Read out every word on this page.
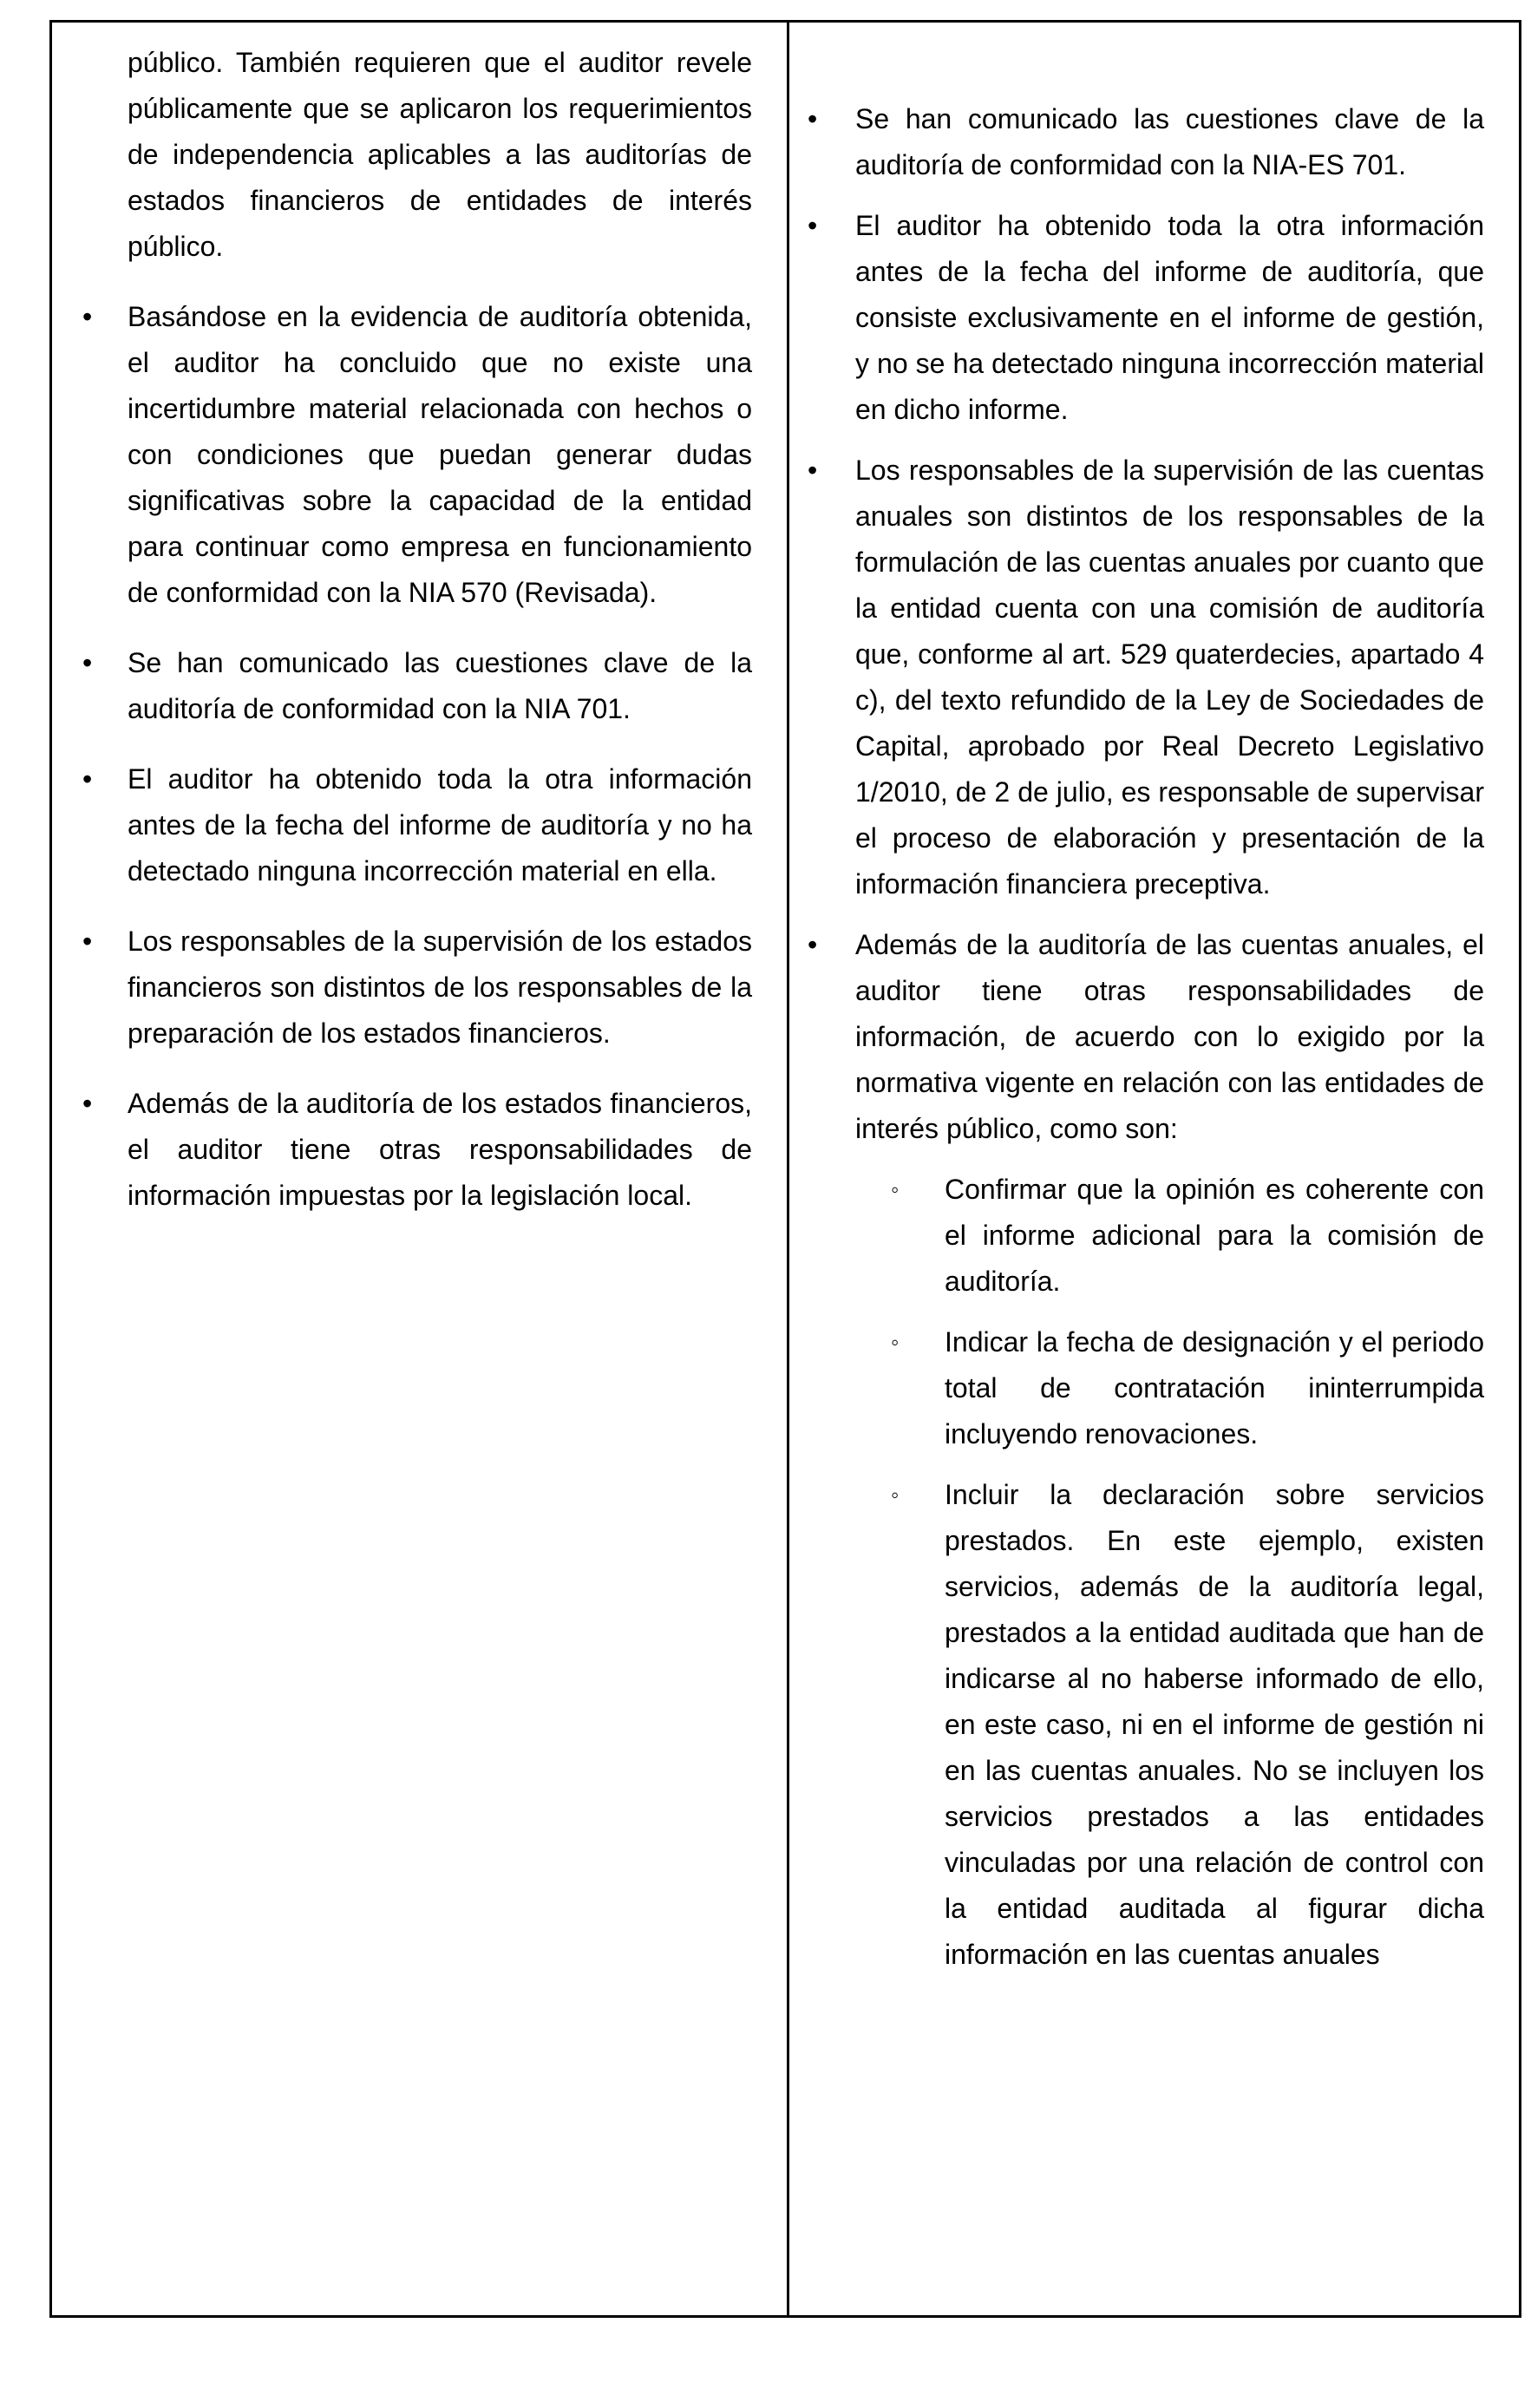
público. También requieren que el auditor revele públicamente que se aplicaron los requerimientos de independencia aplicables a las auditorías de estados financieros de entidades de interés público.
•	Basándose en la evidencia de auditoría obtenida, el auditor ha concluido que no existe una incertidumbre material relacionada con hechos o con condiciones que puedan generar dudas significativas sobre la capacidad de la entidad para continuar como empresa en funcionamiento de conformidad con la NIA 570 (Revisada).
•	Se han comunicado las cuestiones clave de la auditoría de conformidad con la NIA 701.
•	El auditor ha obtenido toda la otra información antes de la fecha del informe de auditoría y no ha detectado ninguna incorrección material en ella.
•	Los responsables de la supervisión de los estados financieros son distintos de los responsables de la preparación de los estados financieros.
•	Además de la auditoría de los estados financieros, el auditor tiene otras responsabilidades de información impuestas por la legislación local.
•	Se han comunicado las cuestiones clave de la auditoría de conformidad con la NIA-ES 701.
•	El auditor ha obtenido toda la otra información antes de la fecha del informe de auditoría, que consiste exclusivamente en el informe de gestión, y no se ha detectado ninguna incorrección material en dicho informe.
•	Los responsables de la supervisión de las cuentas anuales son distintos de los responsables de la formulación de las cuentas anuales por cuanto que la entidad cuenta con una comisión de auditoría que, conforme al art. 529 quaterdecies, apartado 4 c), del texto refundido de la Ley de Sociedades de Capital, aprobado por Real Decreto Legislativo 1/2010, de 2 de julio, es responsable de supervisar el proceso de elaboración y presentación de la información financiera preceptiva.
•	Además de la auditoría de las cuentas anuales, el auditor tiene otras responsabilidades de información, de acuerdo con lo exigido por la normativa vigente en relación con las entidades de interés público, como son:
◦	Confirmar que la opinión es coherente con el informe adicional para la comisión de auditoría.
◦	Indicar la fecha de designación y el periodo total de contratación ininterrumpida incluyendo renovaciones.
◦	Incluir la declaración sobre servicios prestados. En este ejemplo, existen servicios, además de la auditoría legal, prestados a la entidad auditada que han de indicarse al no haberse informado de ello, en este caso, ni en el informe de gestión ni en las cuentas anuales. No se incluyen los servicios prestados a las entidades vinculadas por una relación de control con la entidad auditada al figurar dicha información en las cuentas anuales
